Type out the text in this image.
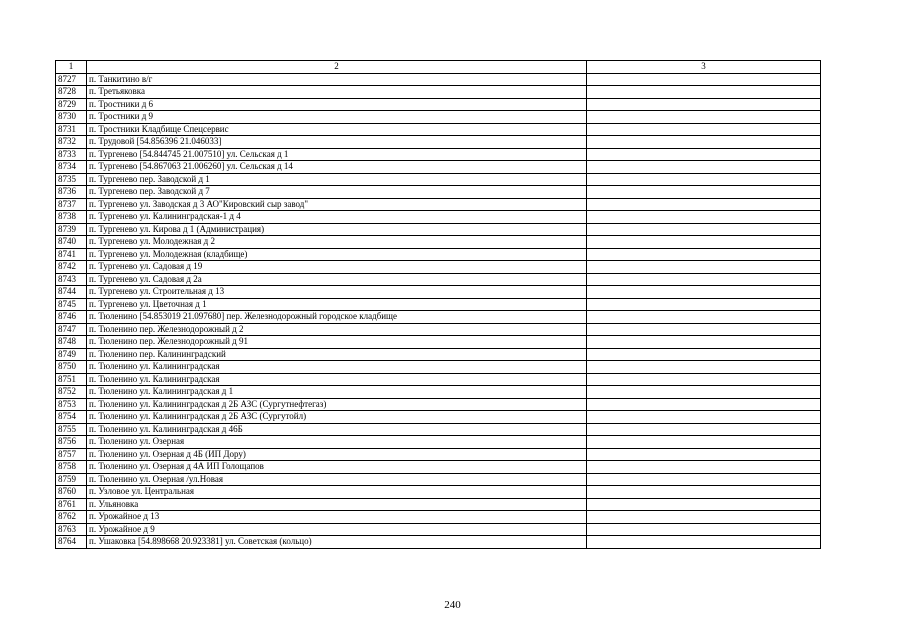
1	2	3
8727	п. Танкитино в/г	
8728	п. Третьяковка	
8729	п. Тростники д 6	
8730	п. Тростники д 9	
8731	п. Тростники Кладбище Спецсервис	
8732	п. Трудовой [54.856396 21.046033]	
8733	п. Тургенево [54.844745 21.007510] ул. Сельская д 1	
8734	п. Тургенево [54.867063 21.006260] ул. Сельская д 14	
8735	п. Тургенево пер. Заводской д 1	
8736	п. Тургенево пер. Заводской д 7	
8737	п. Тургенево ул. Заводская д 3 АО"Кировский сыр завод"	
8738	п. Тургенево ул. Калининградская-1 д 4	
8739	п. Тургенево ул. Кирова д 1 (Администрация)	
8740	п. Тургенево ул. Молодежная д 2	
8741	п. Тургенево ул. Молодежная (кладбище)	
8742	п. Тургенево ул. Садовая д 19	
8743	п. Тургенево ул. Садовая д 2а	
8744	п. Тургенево ул. Строительная д 13	
8745	п. Тургенево ул. Цветочная д 1	
8746	п. Тюленино [54.853019 21.097680] пер. Железнодорожный городское кладбище	
8747	п. Тюленино пер. Железнодорожный д 2	
8748	п. Тюленино пер. Железнодорожный д 91	
8749	п. Тюленино пер. Калининградский	
8750	п. Тюленино ул. Калининградская	
8751	п. Тюленино ул. Калининградская	
8752	п. Тюленино ул. Калининградская д 1	
8753	п. Тюленино ул. Калининградская д 2Б АЗС (Сургутнефтегаз)	
8754	п. Тюленино ул. Калининградская д 2Б АЗС (Сургутойл)	
8755	п. Тюленино ул. Калининградская д 46Б	
8756	п. Тюленино ул. Озерная	
8757	п. Тюленино ул. Озерная д 4Б (ИП Дору)	
8758	п. Тюленино ул. Озерная д 4А ИП Голощапов	
8759	п. Тюленино ул. Озерная /ул.Новая	
8760	п. Узловое ул. Центральная	
8761	п. Ульяновка	
8762	п. Урожайное д 13	
8763	п. Урожайное д 9	
8764	п. Ушаковка [54.898668 20.923381] ул. Советская (кольцо)	
240
